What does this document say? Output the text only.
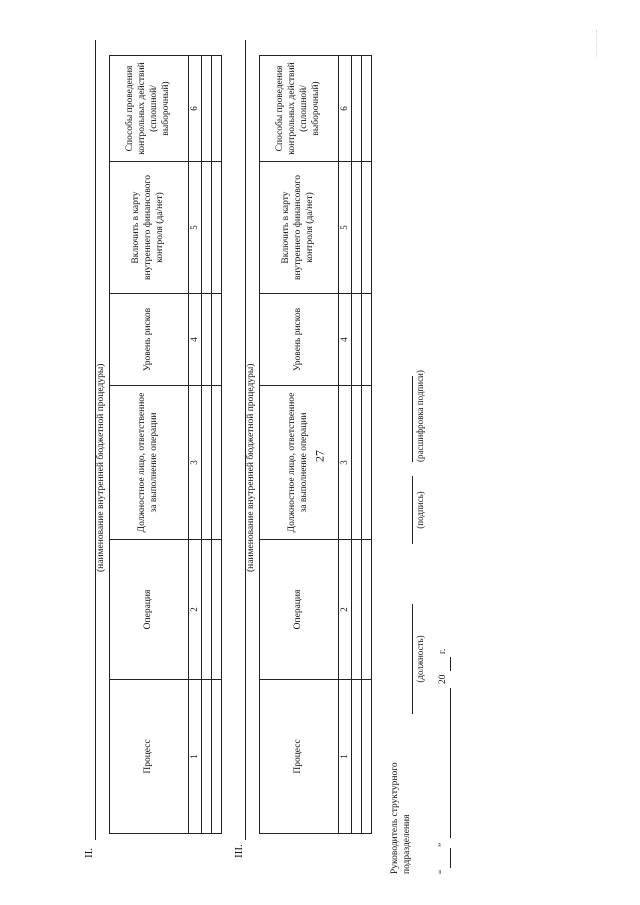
27
II.
(наименование внутренней бюджетной процедуры)
Процесс	Операция	Должностное лицо, ответственное за выполнение операции	Уровень рисков	Включить в карту внутреннего финансового контроля (да/нет)	Способы проведения контрольных действий (сплошной/выборочный)
1	2	3	4	5	6

III.
(наименование внутренней бюджетной процедуры)
Процесс	Операция	Должностное лицо, ответственное за выполнение операции	Уровень рисков	Включить в карту внутреннего финансового контроля (да/нет)	Способы проведения контрольных действий (сплошной/выборочный)
1	2	3	4	5	6

Руководитель структурного подразделения
(должность)
(подпись)
(расшифровка подписи)
“
”
20
г.
